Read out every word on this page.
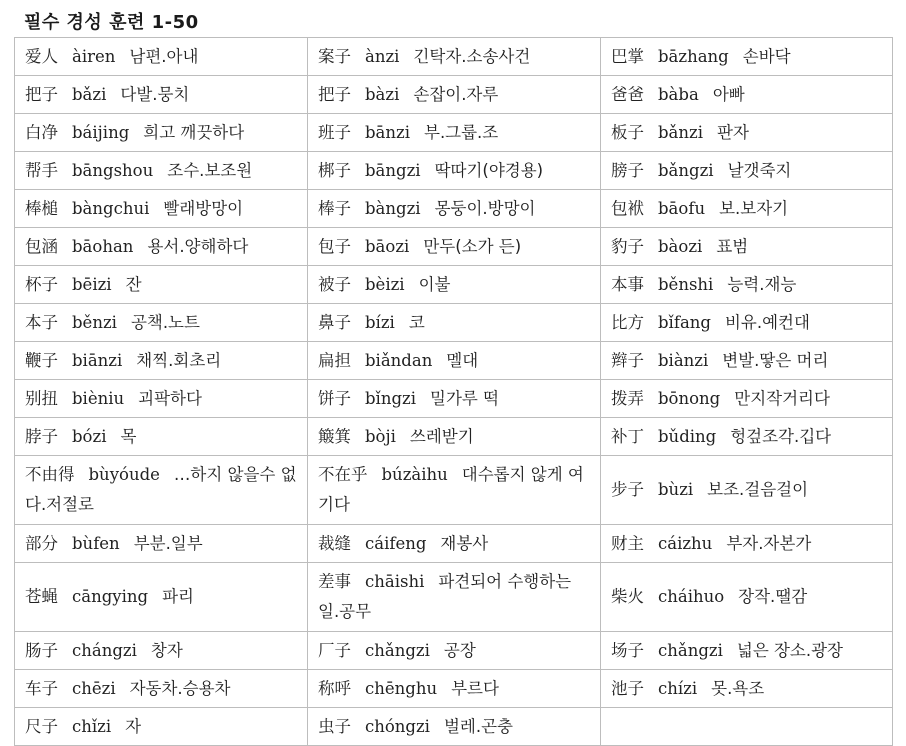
필수 경성 훈련 1-50
爱人 àiren 남편.아내	案子 ànzi 긴탁자.소송사건	巴掌 bāzhang 손바닥
把子 bǎzi 다발.뭉치	把子 bàzi 손잡이.자루	爸爸 bàba 아빠
白净 báijing 희고 깨끗하다	班子 bānzi 부.그룹.조	板子 bǎnzi 판자
帮手 bāngshou 조수.보조원	梆子 bāngzi 딱따기(야경용)	膀子 bǎngzi 날갯죽지
棒槌 bàngchui 빨래방망이	棒子 bàngzi 몽둥이.방망이	包袱 bāofu 보.보자기
包涵 bāohan 용서.양해하다	包子 bāozi 만두(소가 든)	豹子 bàozi 표범
杯子 bēizi 잔	被子 bèizi 이불	本事 běnshi 능력.재능
本子 běnzi 공책.노트	鼻子 bízi 코	比方 bǐfang 비유.예컨대
鞭子 biānzi 채찍.회초리	扁担 biǎndan 멜대	辫子 biànzi 변발.땋은 머리
别扭 bièniu 괴팍하다	饼子 bǐngzi 밀가루 떡	拨弄 bōnong 만지작거리다
脖子 bózi 목	簸箕 bòji 쓰레받기	补丁 bǔding 헝겊조각.깁다
不由得 bùyóude …하지 않을수 없다.저절로	不在乎 búzàihu 대수롭지 않게 여기다	步子 bùzi 보조.걸음걸이
部分 bùfen 부분.일부	裁缝 cáifeng 재봉사	财主 cáizhu 부자.자본가
苍蝇 cāngying 파리	差事 chāishi 파견되어 수행하는 일.공무	柴火 cháihuo 장작.땔감
肠子 chángzi 창자	厂子 chǎngzi 공장	场子 chǎngzi 넓은 장소.광장
车子 chēzi 자동차.승용차	称呼 chēnghu 부르다	池子 chízi 못.욕조
尺子 chǐzi 자	虫子 chóngzi 벌레.곤충	
